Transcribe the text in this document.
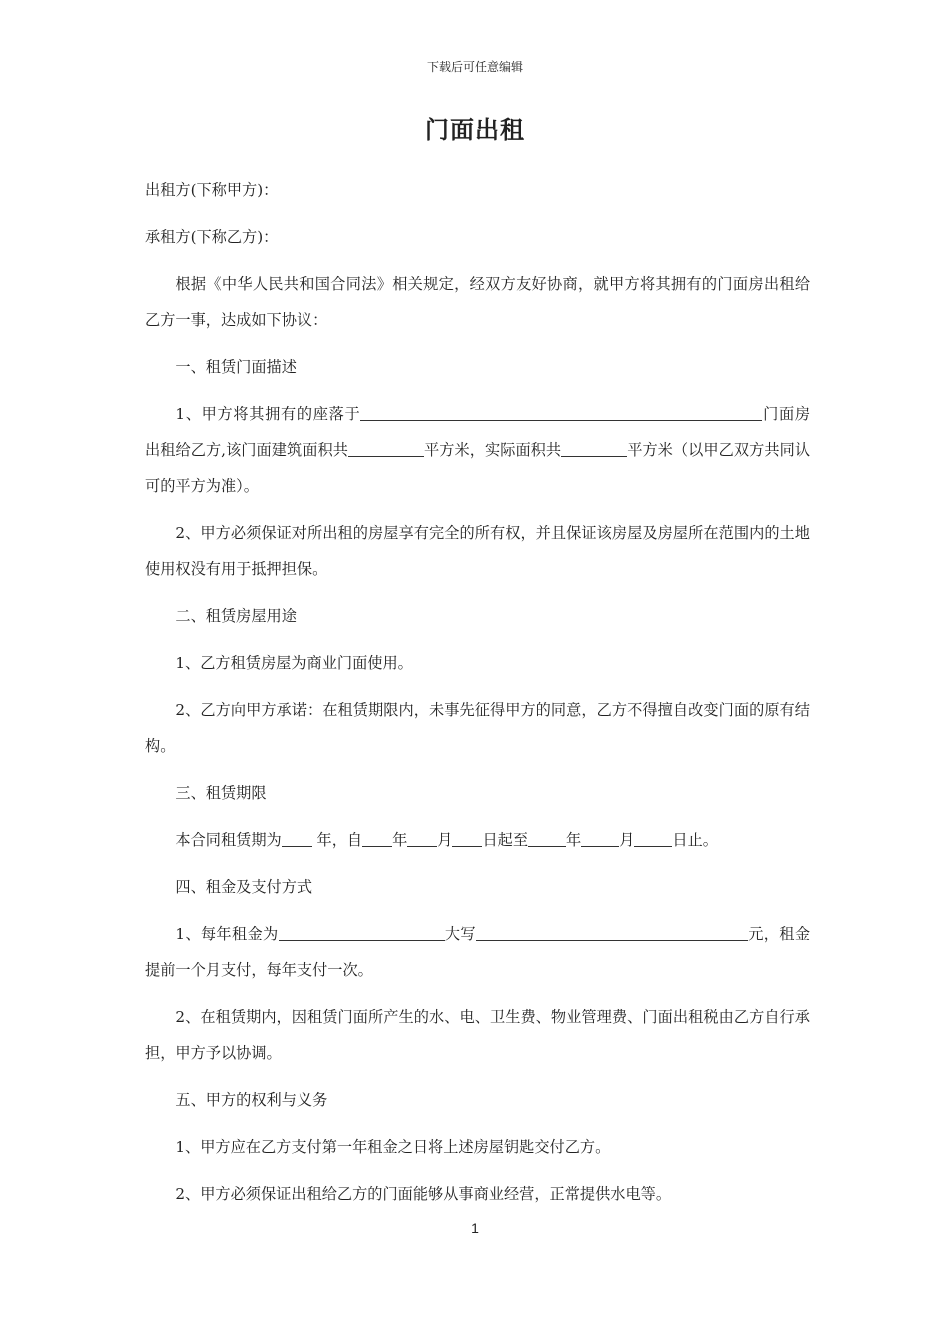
下载后可任意编辑
门面出租

出租方(下称甲方)：

承租方(下称乙方)：

根据《中华人民共和国合同法》相关规定，经双方友好协商，就甲方将其拥有的门面房出租给乙方一事，达成如下协议：

一、租赁门面描述

1、甲方将其拥有的座落于	门面房出租给乙方,该门面建筑面积共	平方米，实际面积共	平方米（以甲乙双方共同认可的平方为准）。

2、甲方必须保证对所出租的房屋享有完全的所有权，并且保证该房屋及房屋所在范围内的土地使用权没有用于抵押担保。

二、租赁房屋用途

1、乙方租赁房屋为商业门面使用。

2、乙方向甲方承诺：在租赁期限内，未事先征得甲方的同意，乙方不得擅自改变门面的原有结构。

三、租赁期限

本合同租赁期为 年，自 年 月 日起至	年	月	日止。

四、租金及支付方式

1、每年租金为	大写	元，租金提前一个月支付，每年支付一次。

2、在租赁期内，因租赁门面所产生的水、电、卫生费、物业管理费、门面出租税由乙方自行承担，甲方予以协调。

五、甲方的权利与义务

1、甲方应在乙方支付第一年租金之日将上述房屋钥匙交付乙方。

2、甲方必须保证出租给乙方的门面能够从事商业经营，正常提供水电等。

1
